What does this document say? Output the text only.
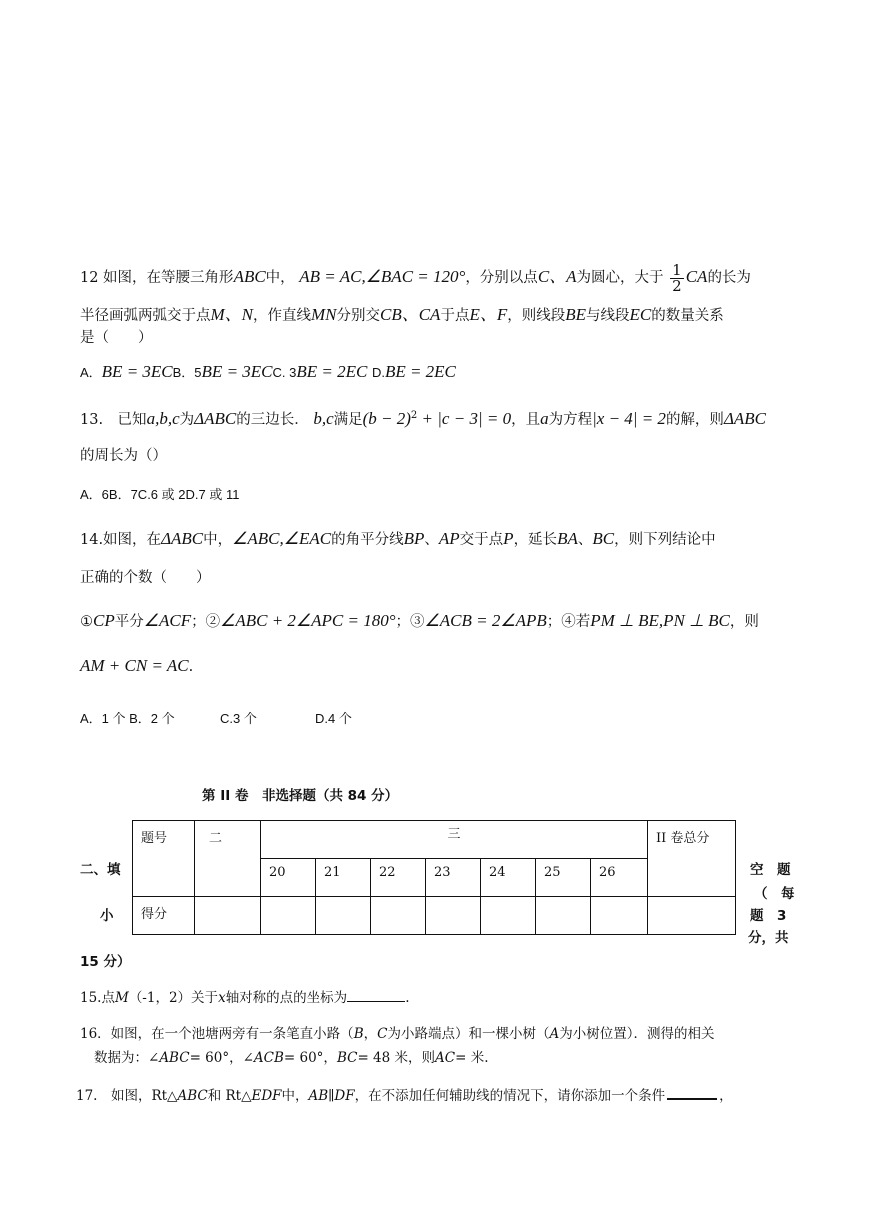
12 如图，在等腰三角形ABC中， AB = AC,∠BAC = 120°，分别以点C、A为圆心，大于 $\frac{1}{2}$ CA的长为
半径画弧两弧交于点M、N，作直线MN分别交CB、CA于点E、F，则线段BE与线段EC的数量关系
是（　　）
A．BE = 3ECB．5BE = 3ECC. 3BE = 2EC D.BE = 2EC
13.　已知a,b,c为ΔABC的三边长． b,c满足$(b - 2)^2 + |c - 3| = 0$，且a为方程|x − 4| = 2的解，则ΔABC
的周长为（）
A．6B．7C.6 或 2D.7 或 11
14.如图，在ΔABC中，∠ABC,∠EAC的角平分线BP、AP交于点P，延长BA、BC，则下列结论中
正确的个数（　　）
①CP平分∠ACF；②∠ABC + 2∠APC = 180°；③∠ACB = 2∠APB；④若PM ⊥ BE,PN ⊥ BC，则
AM + CN = AC.
A．1 个 B．2 个	C.3 个	D.4 个
第 II 卷　非选择题（共 84 分）
二、填
小
15 分）
空　题
（　每
题　3
分，共
题号	二	三							II 卷总分
		20	21	22	23	24	25	26	
得分									
15.点M（-1，2）关于x轴对称的点的坐标为	.
16．如图，在一个池塘两旁有一条笔直小路（B，C为小路端点）和一棵小树（A为小树位置）．测得的相关
数据为：∠ABC= 60°，∠ACB= 60°，BC= 48 米，则AC= 米.
17.　如图，Rt△ABC和 Rt△EDF中，AB∥DF，在不添加任何辅助线的情况下，请你添加一个条件	，
